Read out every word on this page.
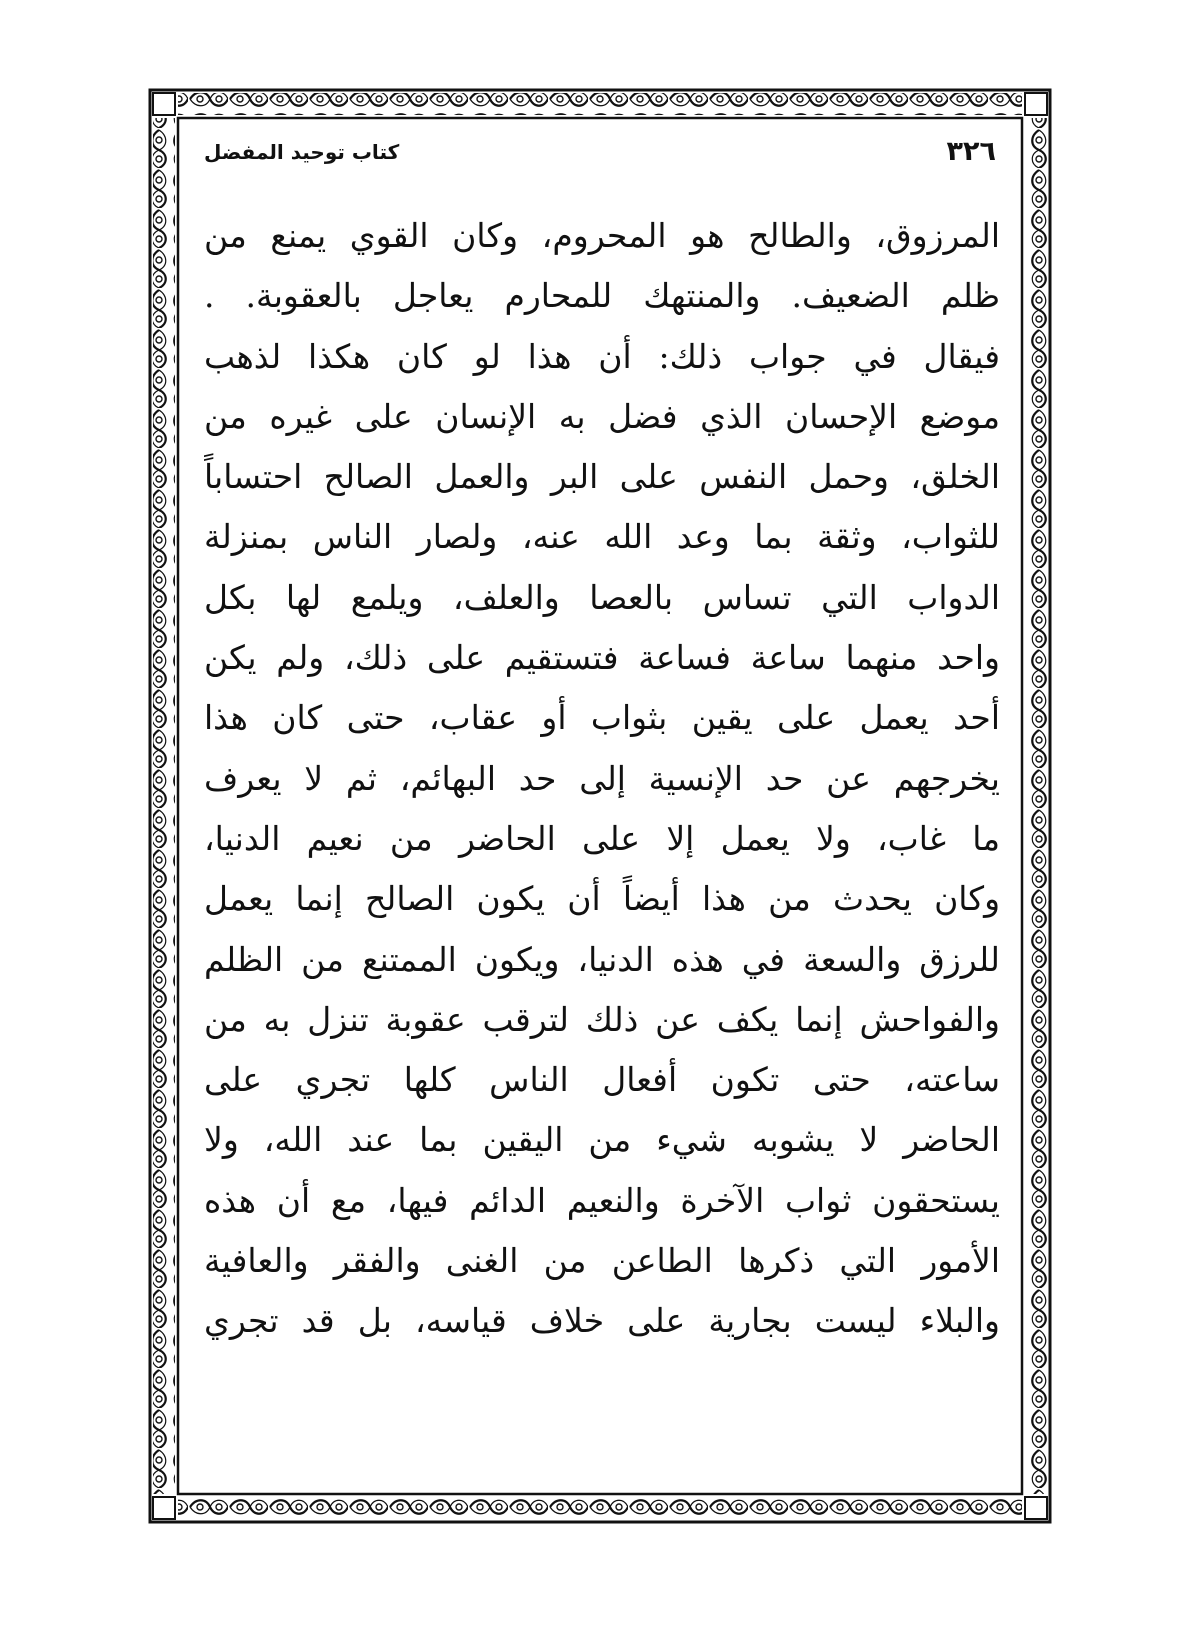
٣٢٦
كتاب توحيد المفضل
المرزوق، والطالح هو المحروم، وكان القوي يمنع من
ظلم الضعيف. والمنتهك للمحارم يعاجل بالعقوبة. .
فيقال في جواب ذلك: أن هذا لو كان هكذا لذهب
موضع الإحسان الذي فضل به الإنسان على غيره من
الخلق، وحمل النفس على البر والعمل الصالح احتساباً
للثواب، وثقة بما وعد الله عنه، ولصار الناس بمنزلة
الدواب التي تساس بالعصا والعلف، ويلمع لها بكل
واحد منهما ساعة فساعة فتستقيم على ذلك، ولم يكن
أحد يعمل على يقين بثواب أو عقاب، حتى كان هذا
يخرجهم عن حد الإنسية إلى حد البهائم، ثم لا يعرف
ما غاب، ولا يعمل إلا على الحاضر من نعيم الدنيا،
وكان يحدث من هذا أيضاً أن يكون الصالح إنما يعمل
للرزق والسعة في هذه الدنيا، ويكون الممتنع من الظلم
والفواحش إنما يكف عن ذلك لترقب عقوبة تنزل به من
ساعته، حتى تكون أفعال الناس كلها تجري على
الحاضر لا يشوبه شيء من اليقين بما عند الله، ولا
يستحقون ثواب الآخرة والنعيم الدائم فيها، مع أن هذه
الأمور التي ذكرها الطاعن من الغنى والفقر والعافية
والبلاء ليست بجارية على خلاف قياسه، بل قد تجري
